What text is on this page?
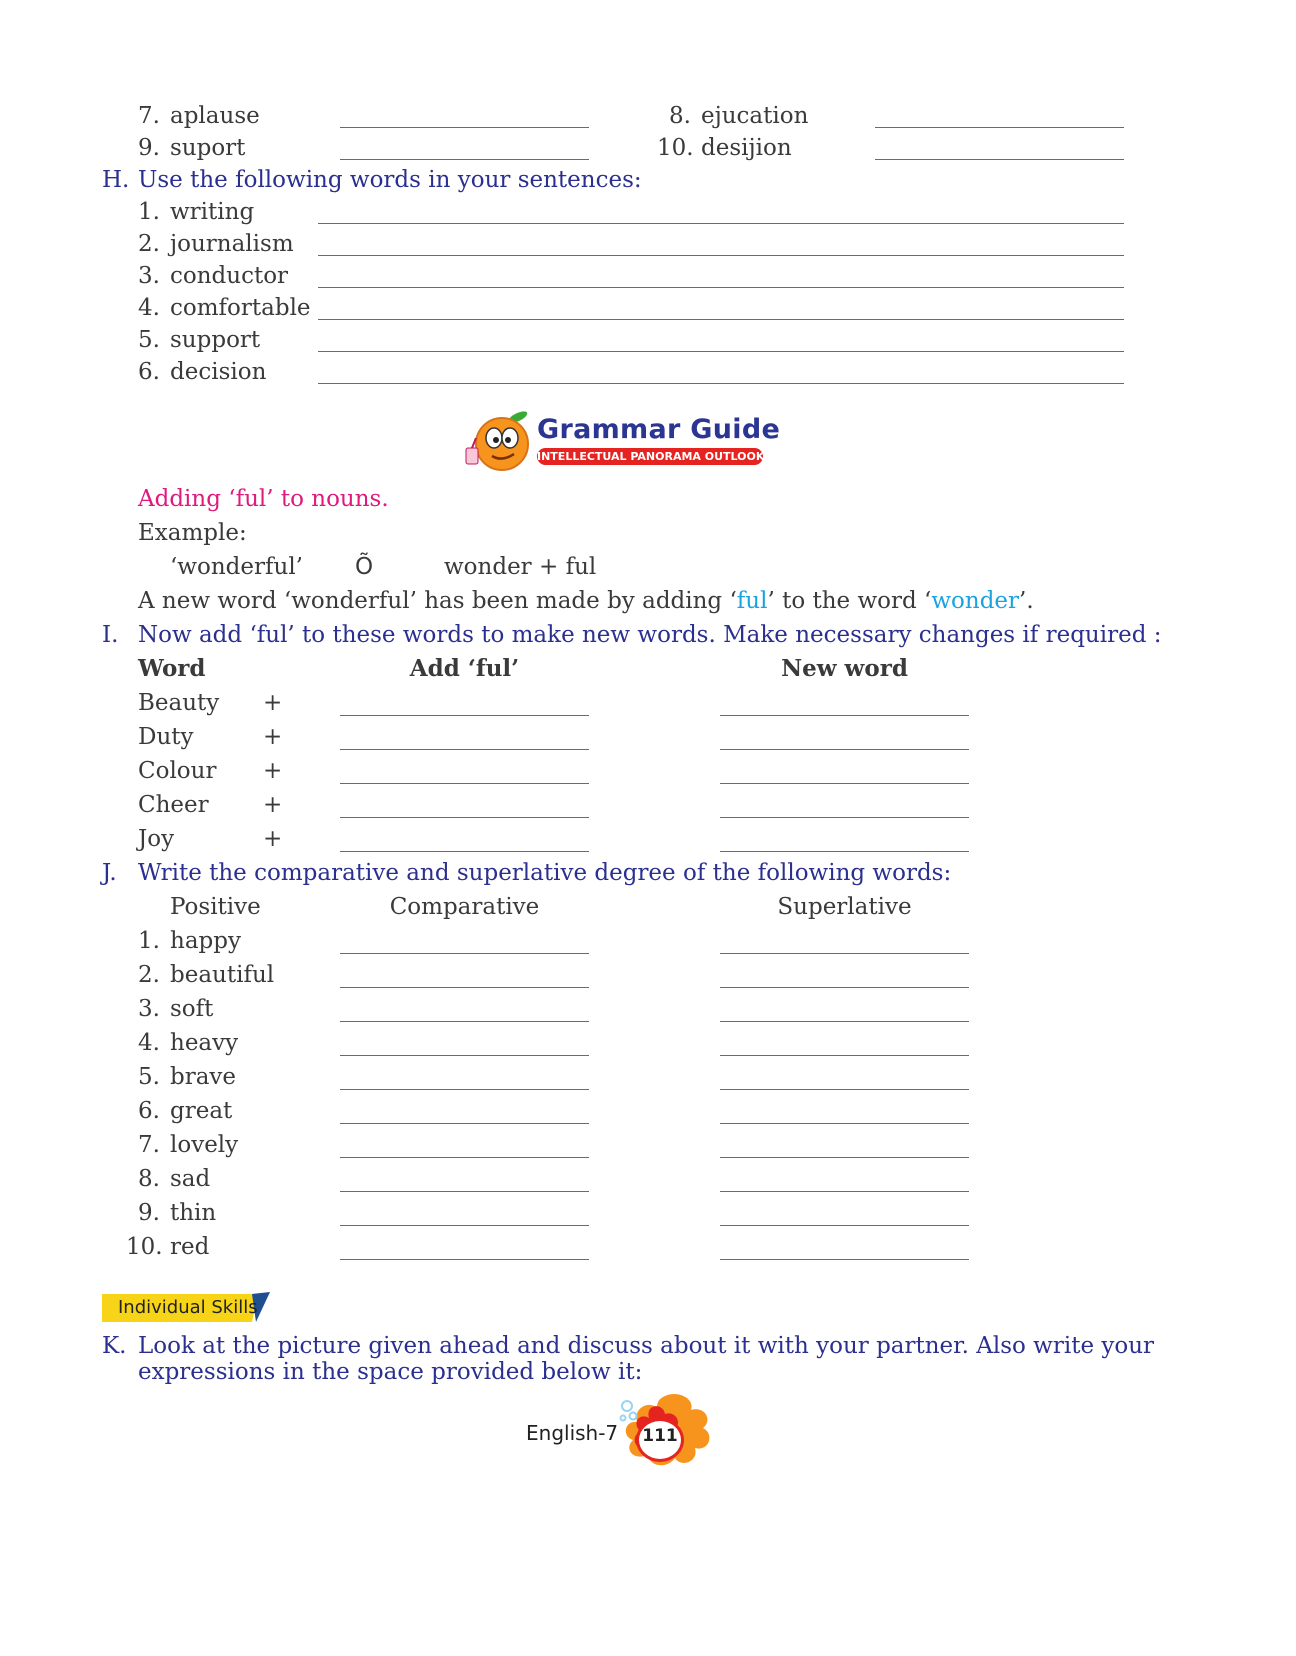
7. aplause	8. ejucation
9. suport	10. desijion
H. Use the following words in your sentences:
1. writing
2. journalism
3. conductor
4. comfortable
5. support
6. decision
Grammar Guide
INTELLECTUAL PANORAMA OUTLOOK
Adding ‘ful’ to nouns.
Example:
‘wonderful’ Õ	wonder + ful
A new word ‘wonderful’ has been made by adding ‘ful’ to the word ‘wonder’.
I. Now add ‘ful’ to these words to make new words. Make necessary changes if required :
Word	Add ‘ful’	New word
Beauty +
Duty	+
Colour +
Cheer +
Joy	+
J. Write the comparative and superlative degree of the following words:
Positive	Comparative	Superlative
1. happy
2. beautiful
3. soft
4. heavy
5. brave
6. great
7. lovely
8. sad
9. thin
10. red
Individual Skills
K. Look at the picture given ahead and discuss about it with your partner. Also write your
expressions in the space provided below it:
English-7	111
